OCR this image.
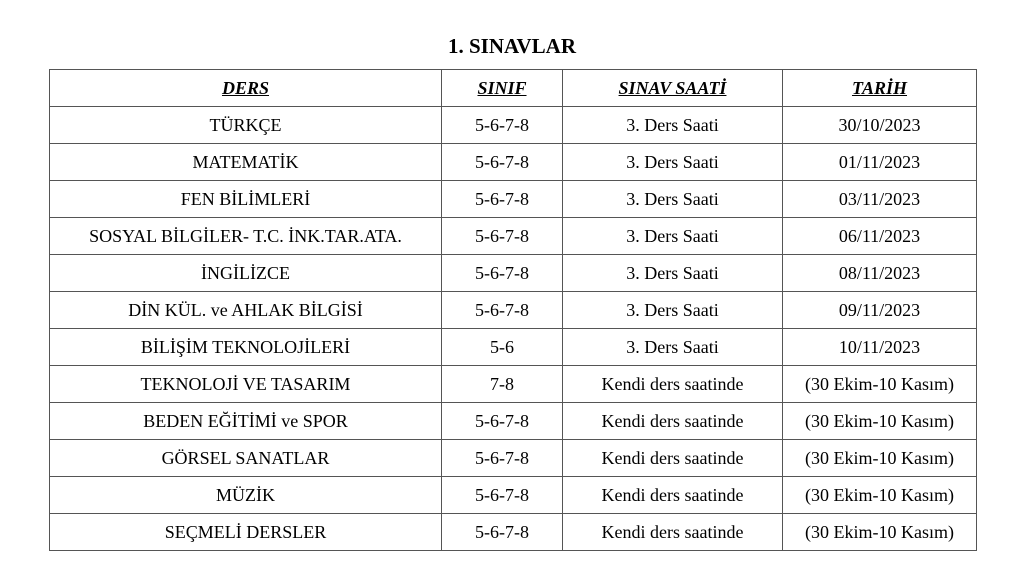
1. SINAVLAR
DERS	SINIF	SINAV SAATİ	TARİH
TÜRKÇE	5-6-7-8	3. Ders Saati	30/10/2023
MATEMATİK	5-6-7-8	3. Ders Saati	01/11/2023
FEN BİLİMLERİ	5-6-7-8	3. Ders Saati	03/11/2023
SOSYAL BİLGİLER- T.C. İNK.TAR.ATA.	5-6-7-8	3. Ders Saati	06/11/2023
İNGİLİZCE	5-6-7-8	3. Ders Saati	08/11/2023
DİN KÜL. ve AHLAK BİLGİSİ	5-6-7-8	3. Ders Saati	09/11/2023
BİLİŞİM TEKNOLOJİLERİ	5-6	3. Ders Saati	10/11/2023
TEKNOLOJİ VE TASARIM	7-8	Kendi ders saatinde	(30 Ekim-10 Kasım)
BEDEN EĞİTİMİ ve SPOR	5-6-7-8	Kendi ders saatinde	(30 Ekim-10 Kasım)
GÖRSEL SANATLAR	5-6-7-8	Kendi ders saatinde	(30 Ekim-10 Kasım)
MÜZİK	5-6-7-8	Kendi ders saatinde	(30 Ekim-10 Kasım)
SEÇMELİ DERSLER	5-6-7-8	Kendi ders saatinde	(30 Ekim-10 Kasım)
